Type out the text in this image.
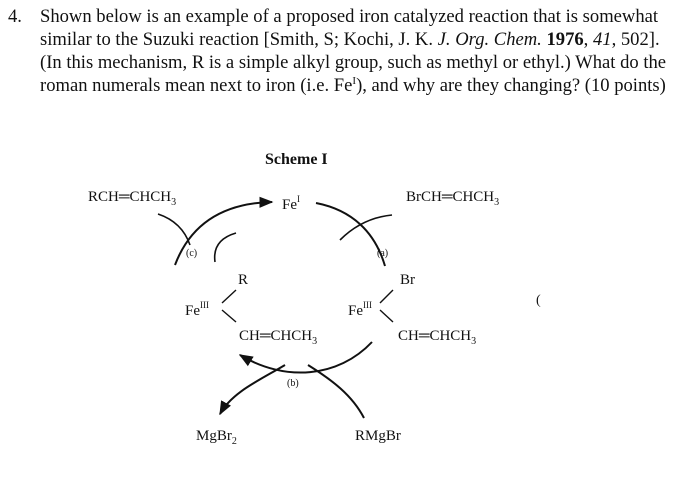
4. Shown below is an example of a proposed iron catalyzed reaction that is somewhat similar to the Suzuki reaction [Smith, S; Kochi, J. K. J. Org. Chem. 1976, 41, 502]. (In this mechanism, R is a simple alkyl group, such as methyl or ethyl.) What do the roman numerals mean next to iron (i.e. $Fe^I$), and why are they changing? (10 points)
Scheme I
$RCH═CHCH_3$	$Fe^I$	$BrCH═CHCH_3$
(c)	(a)
R	Br
$Fe^{III}$	$Fe^{III}$	(
$CH═CHCH_3$	$CH═CHCH_3$
(b)
MgBr$_2$	RMgBr
